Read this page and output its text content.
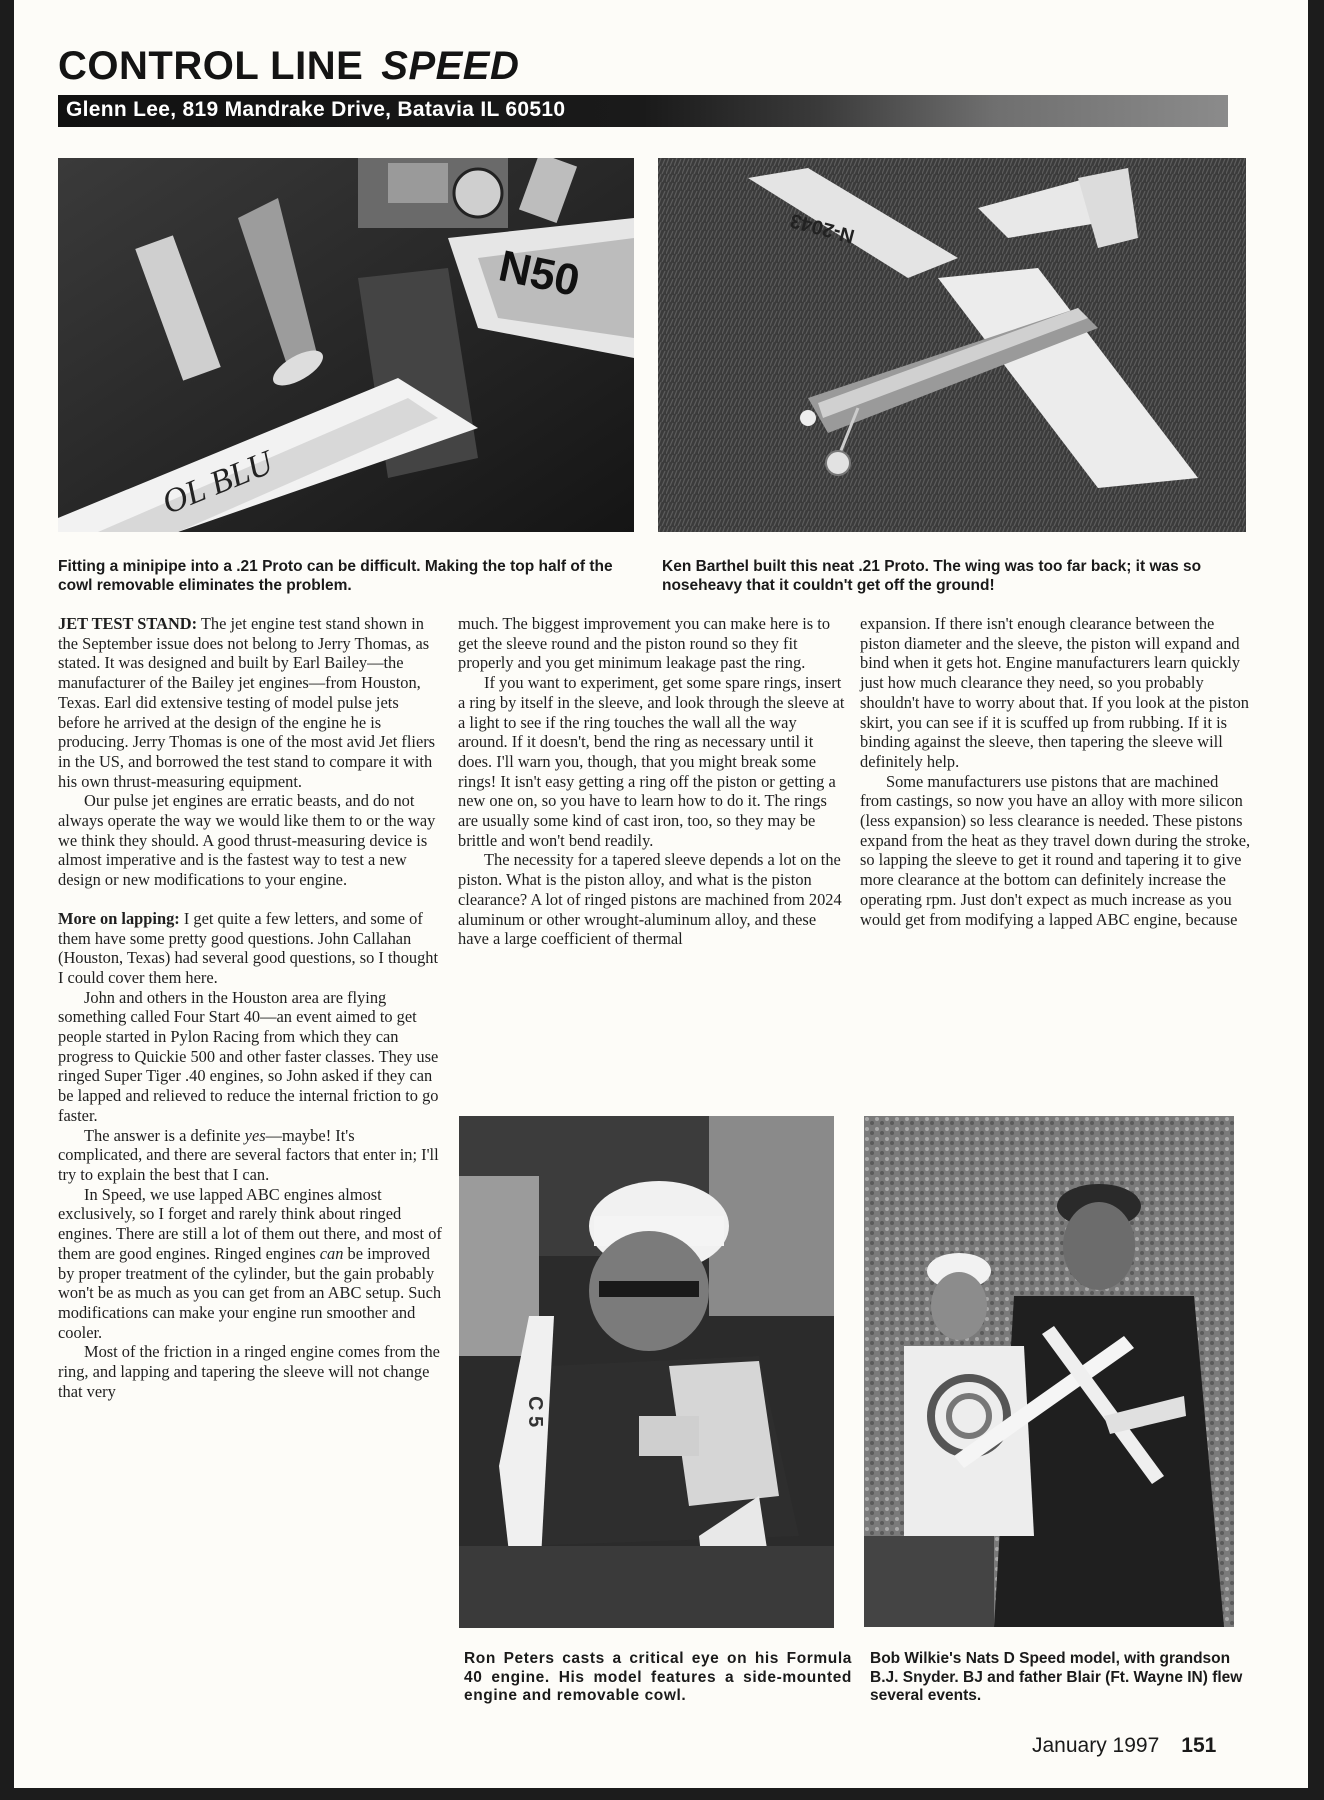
CONTROL LINE SPEED
Glenn Lee, 819 Mandrake Drive, Batavia IL 60510
N50
OL BLU
N-2043
Fitting a minipipe into a .21 Proto can be difficult. Making the top half of the cowl removable eliminates the problem.
Ken Barthel built this neat .21 Proto. The wing was too far back; it was so noseheavy that it couldn't get off the ground!

JET TEST STAND: The jet engine test stand shown in the September issue does not belong to Jerry Thomas, as stated. It was designed and built by Earl Bailey—the manufacturer of the Bailey jet engines—from Houston, Texas. Earl did extensive testing of model pulse jets before he arrived at the design of the engine he is producing. Jerry Thomas is one of the most avid Jet fliers in the US, and borrowed the test stand to compare it with his own thrust-measuring equipment.

Our pulse jet engines are erratic beasts, and do not always operate the way we would like them to or the way we think they should. A good thrust-measuring device is almost imperative and is the fastest way to test a new design or new modifications to your engine.

More on lapping: I get quite a few letters, and some of them have some pretty good questions. John Callahan (Houston, Texas) had several good questions, so I thought I could cover them here.

John and others in the Houston area are flying something called Four Start 40—an event aimed to get people started in Pylon Racing from which they can progress to Quickie 500 and other faster classes. They use ringed Super Tiger .40 engines, so John asked if they can be lapped and relieved to reduce the internal friction to go faster.

The answer is a definite yes—maybe! It's complicated, and there are several factors that enter in; I'll try to explain the best that I can.

In Speed, we use lapped ABC engines almost exclusively, so I forget and rarely think about ringed engines. There are still a lot of them out there, and most of them are good engines. Ringed engines can be improved by proper treatment of the cylinder, but the gain probably won't be as much as you can get from an ABC setup. Such modifications can make your engine run smoother and cooler.

Most of the friction in a ringed engine comes from the ring, and lapping and tapering the sleeve will not change that very

much. The biggest improvement you can make here is to get the sleeve round and the piston round so they fit properly and you get minimum leakage past the ring.

If you want to experiment, get some spare rings, insert a ring by itself in the sleeve, and look through the sleeve at a light to see if the ring touches the wall all the way around. If it doesn't, bend the ring as necessary until it does. I'll warn you, though, that you might break some rings! It isn't easy getting a ring off the piston or getting a new one on, so you have to learn how to do it. The rings are usually some kind of cast iron, too, so they may be brittle and won't bend readily.

The necessity for a tapered sleeve depends a lot on the piston. What is the piston alloy, and what is the piston clearance? A lot of ringed pistons are machined from 2024 aluminum or other wrought-aluminum alloy, and these have a large coefficient of thermal

expansion. If there isn't enough clearance between the piston diameter and the sleeve, the piston will expand and bind when it gets hot. Engine manufacturers learn quickly just how much clearance they need, so you probably shouldn't have to worry about that. If you look at the piston skirt, you can see if it is scuffed up from rubbing. If it is binding against the sleeve, then tapering the sleeve will definitely help.

Some manufacturers use pistons that are machined from castings, so now you have an alloy with more silicon (less expansion) so less clearance is needed. These pistons expand from the heat as they travel down during the stroke, so lapping the sleeve to get it round and tapering it to give more clearance at the bottom can definitely increase the operating rpm. Just don't expect as much increase as you would get from modifying a lapped ABC engine, because

C 5
Ron Peters casts a critical eye on his Formula 40 engine. His model features a side-mounted engine and removable cowl.
Bob Wilkie's Nats D Speed model, with grandson B.J. Snyder. BJ and father Blair (Ft. Wayne IN) flew several events.
January 1997 151
